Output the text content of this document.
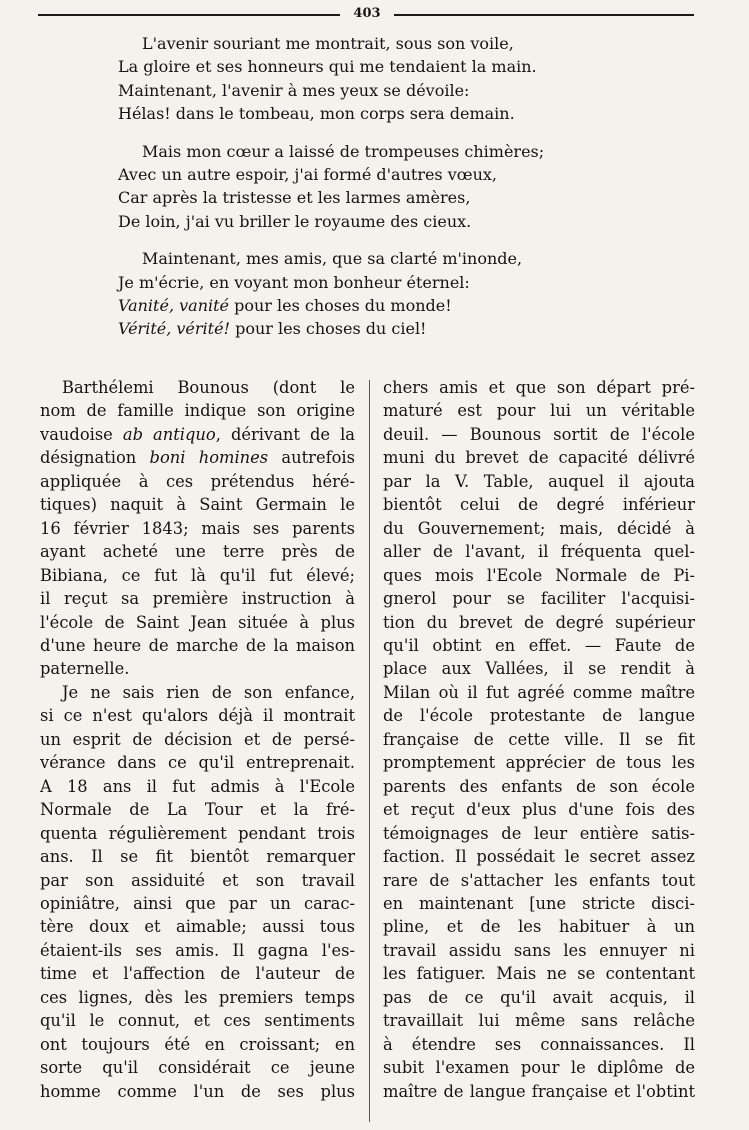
403
L'avenir souriant me montrait, sous son voile,
La gloire et ses honneurs qui me tendaient la main.
Maintenant, l'avenir à mes yeux se dévoile:
Hélas! dans le tombeau, mon corps sera demain.
Mais mon cœur a laissé de trompeuses chimères;
Avec un autre espoir, j'ai formé d'autres vœux,
Car après la tristesse et les larmes amères,
De loin, j'ai vu briller le royaume des cieux.
Maintenant, mes amis, que sa clarté m'inonde,
Je m'écrie, en voyant mon bonheur éternel:
Vanité, vanité pour les choses du monde!
Vérité, vérité! pour les choses du ciel!
Barthélemi Bounous (dont le
nom de famille indique son origine
vaudoise ab antiquo, dérivant de la
désignation boni homines autrefois
appliquée à ces prétendus héré-
tiques) naquit à Saint Germain le
16 février 1843; mais ses parents
ayant acheté une terre près de
Bibiana, ce fut là qu'il fut élevé;
il reçut sa première instruction à
l'école de Saint Jean située à plus
d'une heure de marche de la maison
paternelle.
Je ne sais rien de son enfance,
si ce n'est qu'alors déjà il montrait
un esprit de décision et de persé-
vérance dans ce qu'il entreprenait.
A 18 ans il fut admis à l'Ecole
Normale de La Tour et la fré-
quenta régulièrement pendant trois
ans. Il se fit bientôt remarquer
par son assiduité et son travail
opiniâtre, ainsi que par un carac-
tère doux et aimable; aussi tous
étaient-ils ses amis. Il gagna l'es-
time et l'affection de l'auteur de
ces lignes, dès les premiers temps
qu'il le connut, et ces sentiments
ont toujours été en croissant; en
sorte qu'il considérait ce jeune
homme comme l'un de ses plus
chers amis et que son départ pré-
maturé est pour lui un véritable
deuil. — Bounous sortit de l'école
muni du brevet de capacité délivré
par la V. Table, auquel il ajouta
bientôt celui de degré inférieur
du Gouvernement; mais, décidé à
aller de l'avant, il fréquenta quel-
ques mois l'Ecole Normale de Pi-
gnerol pour se faciliter l'acquisi-
tion du brevet de degré supérieur
qu'il obtint en effet. — Faute de
place aux Vallées, il se rendit à
Milan où il fut agréé comme maître
de l'école protestante de langue
française de cette ville. Il se fit
promptement apprécier de tous les
parents des enfants de son école
et reçut d'eux plus d'une fois des
témoignages de leur entière satis-
faction. Il possédait le secret assez
rare de s'attacher les enfants tout
en maintenant [une stricte disci-
pline, et de les habituer à un
travail assidu sans les ennuyer ni
les fatiguer. Mais ne se contentant
pas de ce qu'il avait acquis, il
travaillait lui même sans relâche
à étendre ses connaissances. Il
subit l'examen pour le diplôme de
maître de langue française et l'obtint
